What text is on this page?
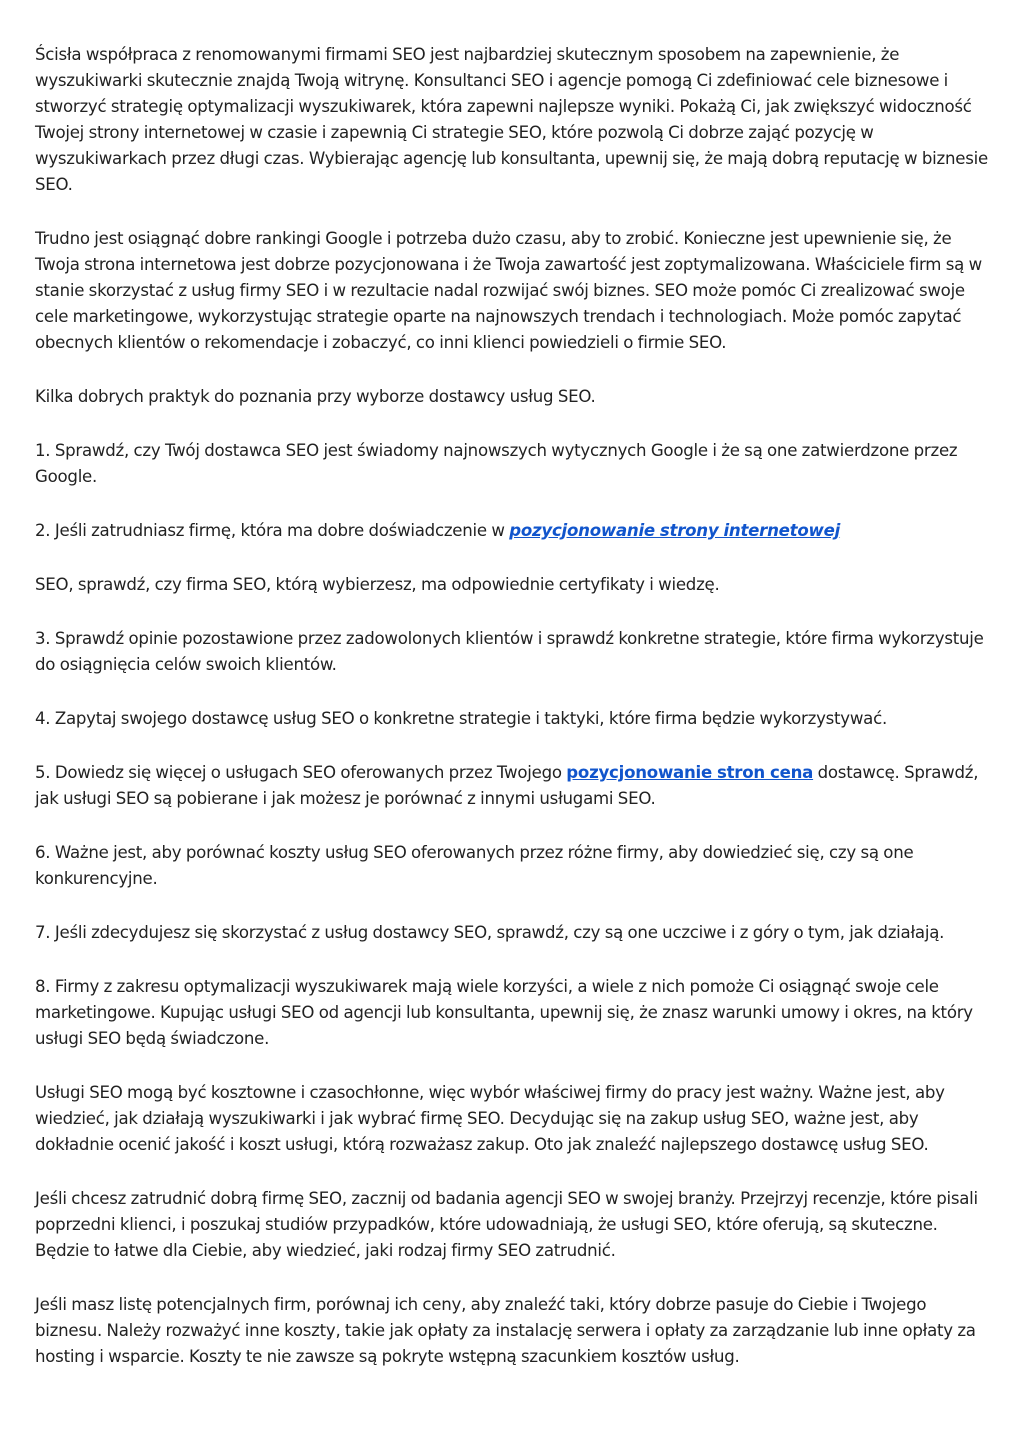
Ścisła współpraca z renomowanymi firmami SEO jest najbardziej skutecznym sposobem na zapewnienie, że wyszukiwarki skutecznie znajdą Twoją witrynę. Konsultanci SEO i agencje pomogą Ci zdefiniować cele biznesowe i stworzyć strategię optymalizacji wyszukiwarek, która zapewni najlepsze wyniki. Pokażą Ci, jak zwiększyć widoczność Twojej strony internetowej w czasie i zapewnią Ci strategie SEO, które pozwolą Ci dobrze zająć pozycję w wyszukiwarkach przez długi czas. Wybierając agencję lub konsultanta, upewnij się, że mają dobrą reputację w biznesie SEO.

Trudno jest osiągnąć dobre rankingi Google i potrzeba dużo czasu, aby to zrobić. Konieczne jest upewnienie się, że Twoja strona internetowa jest dobrze pozycjonowana i że Twoja zawartość jest zoptymalizowana. Właściciele firm są w stanie skorzystać z usług firmy SEO i w rezultacie nadal rozwijać swój biznes. SEO może pomóc Ci zrealizować swoje cele marketingowe, wykorzystując strategie oparte na najnowszych trendach i technologiach. Może pomóc zapytać obecnych klientów o rekomendacje i zobaczyć, co inni klienci powiedzieli o firmie SEO.

Kilka dobrych praktyk do poznania przy wyborze dostawcy usług SEO.

1. Sprawdź, czy Twój dostawca SEO jest świadomy najnowszych wytycznych Google i że są one zatwierdzone przez Google.

2. Jeśli zatrudniasz firmę, która ma dobre doświadczenie w pozycjonowanie strony internetowej

SEO, sprawdź, czy firma SEO, którą wybierzesz, ma odpowiednie certyfikaty i wiedzę.

3. Sprawdź opinie pozostawione przez zadowolonych klientów i sprawdź konkretne strategie, które firma wykorzystuje do osiągnięcia celów swoich klientów.

4. Zapytaj swojego dostawcę usług SEO o konkretne strategie i taktyki, które firma będzie wykorzystywać.

5. Dowiedz się więcej o usługach SEO oferowanych przez Twojego pozycjonowanie stron cena dostawcę. Sprawdź, jak usługi SEO są pobierane i jak możesz je porównać z innymi usługami SEO.

6. Ważne jest, aby porównać koszty usług SEO oferowanych przez różne firmy, aby dowiedzieć się, czy są one konkurencyjne.

7. Jeśli zdecydujesz się skorzystać z usług dostawcy SEO, sprawdź, czy są one uczciwe i z góry o tym, jak działają.

8. Firmy z zakresu optymalizacji wyszukiwarek mają wiele korzyści, a wiele z nich pomoże Ci osiągnąć swoje cele marketingowe. Kupując usługi SEO od agencji lub konsultanta, upewnij się, że znasz warunki umowy i okres, na który usługi SEO będą świadczone.

Usługi SEO mogą być kosztowne i czasochłonne, więc wybór właściwej firmy do pracy jest ważny. Ważne jest, aby wiedzieć, jak działają wyszukiwarki i jak wybrać firmę SEO. Decydując się na zakup usług SEO, ważne jest, aby dokładnie ocenić jakość i koszt usługi, którą rozważasz zakup. Oto jak znaleźć najlepszego dostawcę usług SEO.

Jeśli chcesz zatrudnić dobrą firmę SEO, zacznij od badania agencji SEO w swojej branży. Przejrzyj recenzje, które pisali poprzedni klienci, i poszukaj studiów przypadków, które udowadniają, że usługi SEO, które oferują, są skuteczne. Będzie to łatwe dla Ciebie, aby wiedzieć, jaki rodzaj firmy SEO zatrudnić.

Jeśli masz listę potencjalnych firm, porównaj ich ceny, aby znaleźć taki, który dobrze pasuje do Ciebie i Twojego biznesu. Należy rozważyć inne koszty, takie jak opłaty za instalację serwera i opłaty za zarządzanie lub inne opłaty za hosting i wsparcie. Koszty te nie zawsze są pokryte wstępną szacunkiem kosztów usług.
